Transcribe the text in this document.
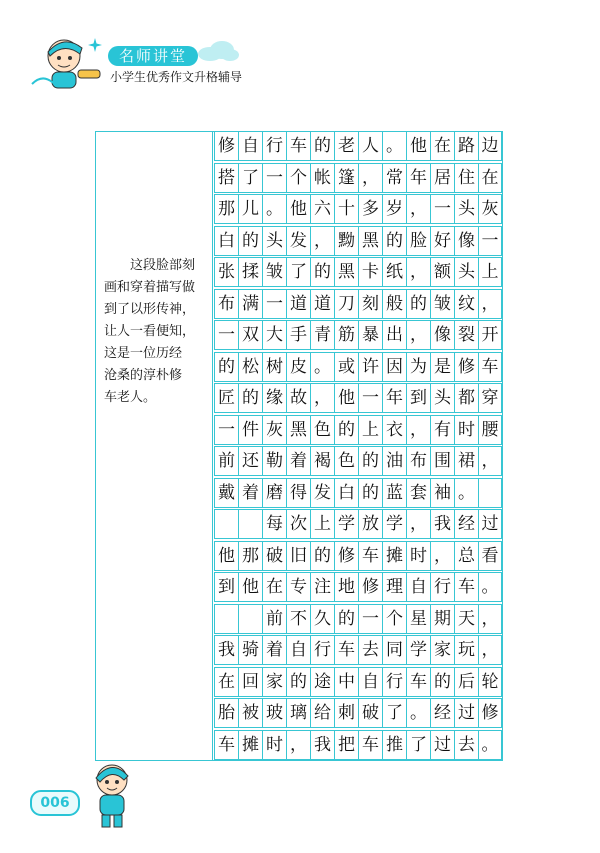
名师讲堂
小学生优秀作文升格辅导
这段脸部刻
画和穿着描写做
到了以形传神，
让人一看便知，
这是一位历经
沧桑的淳朴修
车老人。
修 自 行 车 的 老 人 。 他 在 路 边
搭 了 一 个 帐 篷 ， 常 年 居 住 在
那 儿 。 他 六 十 多 岁 ， 一 头 灰
白 的 头 发 ， 黝 黑 的 脸 好 像 一
张 揉 皱 了 的 黑 卡 纸 ， 额 头 上
布 满 一 道 道 刀 刻 般 的 皱 纹 ，
一 双 大 手 青 筋 暴 出 ， 像 裂 开
的 松 树 皮 。 或 许 因 为 是 修 车
匠 的 缘 故 ， 他 一 年 到 头 都 穿
一 件 灰 黑 色 的 上 衣 ， 有 时 腰
前 还 勒 着 褐 色 的 油 布 围 裙 ，
戴 着 磨 得 发 白 的 蓝 套 袖 。
每 次 上 学 放 学 ， 我 经 过
他 那 破 旧 的 修 车 摊 时 ， 总 看
到 他 在 专 注 地 修 理 自 行 车 。
前 不 久 的 一 个 星 期 天 ，
我 骑 着 自 行 车 去 同 学 家 玩 ，
在 回 家 的 途 中 自 行 车 的 后 轮
胎 被 玻 璃 给 刺 破 了 。 经 过 修
车 摊 时 ， 我 把 车 推 了 过 去 。
006
